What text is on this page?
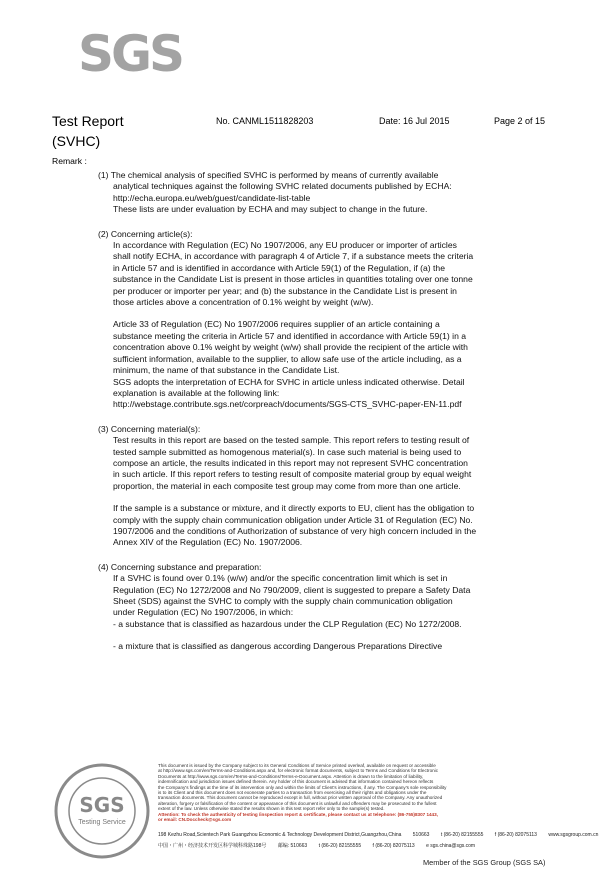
SGS
Test Report
(SVHC)
No. CANML1511828203	Date: 16 Jul 2015	Page 2 of 15
Remark :
(1) The chemical analysis of specified SVHC is performed by means of currently available
analytical techniques against the following SVHC related documents published by ECHA:
http://echa.europa.eu/web/guest/candidate-list-table
These lists are under evaluation by ECHA and may subject to change in the future.
(2) Concerning article(s):
In accordance with Regulation (EC) No 1907/2006, any EU producer or importer of articles
shall notify ECHA, in accordance with paragraph 4 of Article 7, if a substance meets the criteria
in Article 57 and is identified in accordance with Article 59(1) of the Regulation, if (a) the
substance in the Candidate List is present in those articles in quantities totaling over one tonne
per producer or importer per year; and (b) the substance in the Candidate List is present in
those articles above a concentration of 0.1% weight by weight (w/w).
Article 33 of Regulation (EC) No 1907/2006 requires supplier of an article containing a
substance meeting the criteria in Article 57 and identified in accordance with Article 59(1) in a
concentration above 0.1% weight by weight (w/w) shall provide the recipient of the article with
sufficient information, available to the supplier, to allow safe use of the article including, as a
minimum, the name of that substance in the Candidate List.
SGS adopts the interpretation of ECHA for SVHC in article unless indicated otherwise. Detail
explanation is available at the following link:
http://webstage.contribute.sgs.net/corpreach/documents/SGS-CTS_SVHC-paper-EN-11.pdf
(3) Concerning material(s):
Test results in this report are based on the tested sample. This report refers to testing result of
tested sample submitted as homogenous material(s). In case such material is being used to
compose an article, the results indicated in this report may not represent SVHC concentration
in such article. If this report refers to testing result of composite material group by equal weight
proportion, the material in each composite test group may come from more than one article.
If the sample is a substance or mixture, and it directly exports to EU, client has the obligation to
comply with the supply chain communication obligation under Article 31 of Regulation (EC) No.
1907/2006 and the conditions of Authorization of substance of very high concern included in the
Annex XIV of the Regulation (EC) No. 1907/2006.
(4) Concerning substance and preparation:
If a SVHC is found over 0.1% (w/w) and/or the specific concentration limit which is set in
Regulation (EC) No 1272/2008 and No 790/2009, client is suggested to prepare a Safety Data
Sheet (SDS) against the SVHC to comply with the supply chain communication obligation
under Regulation (EC) No 1907/2006, in which:
- a substance that is classified as hazardous under the CLP Regulation (EC) No 1272/2008.
- a mixture that is classified as dangerous according Dangerous Preparations Directive
SGS
Testing Service
This document is issued by the Company subject to its General Conditions of Service printed overleaf, available on request or accessible
at http://www.sgs.com/en/Terms-and-Conditions.aspx and, for electronic format documents, subject to Terms and Conditions for Electronic
Documents at http://www.sgs.com/en/Terms-and-Conditions/Terms-e-Document.aspx. Attention is drawn to the limitation of liability,
indemnification and jurisdiction issues defined therein. Any holder of this document is advised that information contained hereon reflects
the Company's findings at the time of its intervention only and within the limits of Client's instructions, if any. The Company's sole responsibility
is to its Client and this document does not exonerate parties to a transaction from exercising all their rights and obligations under the
transaction documents. This document cannot be reproduced except in full, without prior written approval of the Company. Any unauthorized
alteration, forgery or falsification of the content or appearance of this document is unlawful and offenders may be prosecuted to the fullest
extent of the law. Unless otherwise stated the results shown in this test report refer only to the sample(s) tested.
Attention: To check the authenticity of testing /inspection report & certificate, please contact us at telephone: (86-755)8307 1443,
or email: CN.Doccheck@sgs.com
198 Kezhu Road,Scientech Park Guangzhou Economic & Technology Development District,Guangzhou,China 510663 t (86-20) 82155555 f (86-20) 82075113 www.sgsgroup.com.cn
中国・广州・经济技术开发区科学城科珠路198号 邮编: 510663 t (86-20) 82155555 f (86-20) 82075113 e sgs.china@sgs.com
Member of the SGS Group (SGS SA)
